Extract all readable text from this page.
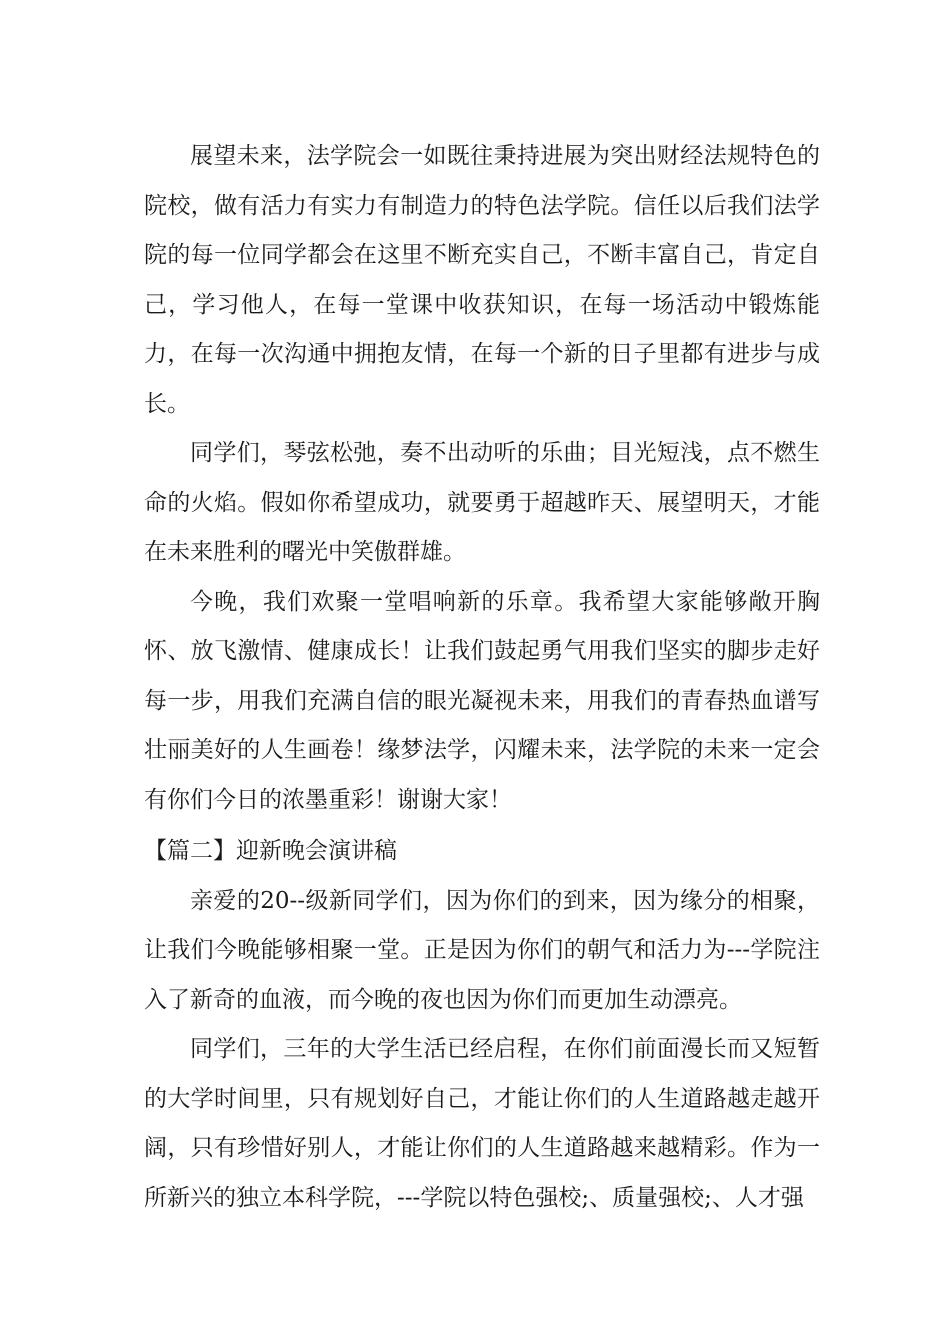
展望未来，法学院会一如既往秉持进展为突出财经法规特色的院校，做有活力有实力有制造力的特色法学院。信任以后我们法学院的每一位同学都会在这里不断充实自己，不断丰富自己，肯定自己，学习他人，在每一堂课中收获知识，在每一场活动中锻炼能力，在每一次沟通中拥抱友情，在每一个新的日子里都有进步与成长。

同学们，琴弦松弛，奏不出动听的乐曲；目光短浅，点不燃生命的火焰。假如你希望成功，就要勇于超越昨天、展望明天，才能在未来胜利的曙光中笑傲群雄。

今晚，我们欢聚一堂唱响新的乐章。我希望大家能够敞开胸怀、放飞激情、健康成长！让我们鼓起勇气用我们坚实的脚步走好每一步，用我们充满自信的眼光凝视未来，用我们的青春热血谱写壮丽美好的人生画卷！缘梦法学，闪耀未来，法学院的未来一定会有你们今日的浓墨重彩！谢谢大家！

【篇二】迎新晚会演讲稿

亲爱的20--级新同学们，因为你们的到来，因为缘分的相聚，让我们今晚能够相聚一堂。正是因为你们的朝气和活力为---学院注入了新奇的血液，而今晚的夜也因为你们而更加生动漂亮。

同学们，三年的大学生活已经启程，在你们前面漫长而又短暂的大学时间里，只有规划好自己，才能让你们的人生道路越走越开阔，只有珍惜好别人，才能让你们的人生道路越来越精彩。作为一所新兴的独立本科学院，---学院以特色强校;、质量强校;、人才强
